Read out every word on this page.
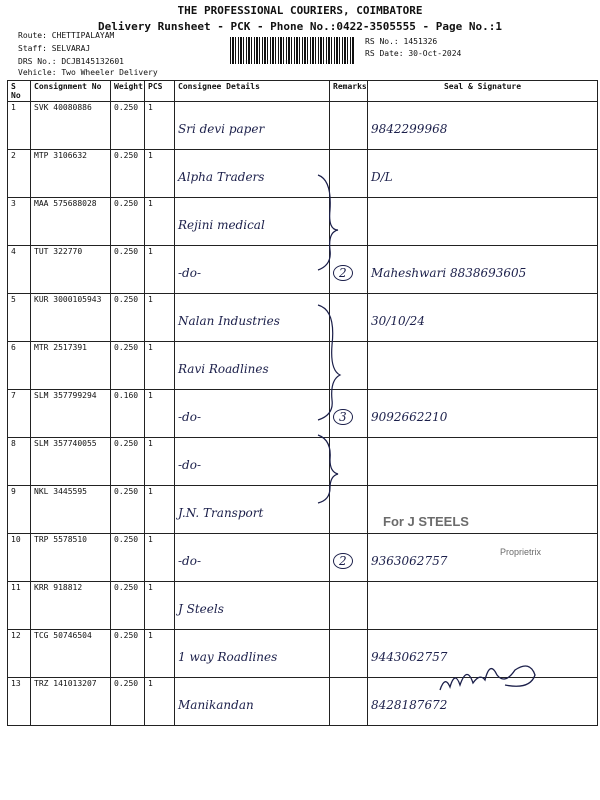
THE PROFESSIONAL COURIERS, COIMBATORE
Delivery Runsheet - PCK - Phone No.:0422-3505555 - Page No.:1
Route: CHETTIPALAYAM
Staff: SELVARAJ
DRS No.: DCJB145132601
Vehicle: Two Wheeler Delivery
RS No.: 1451326
RS Date: 30-Oct-2024
S No	Consignment No	Weight	PCS	Consignee Details	Remarks	Seal & Signature
1	SVK 40080886	0.250	1	Sri devi paper		9842299968
2	MTP 3106632	0.250	1	Alpha Traders		D/L
3	MAA 575688028	0.250	1	Rejini medical		
4	TUT 322770	0.250	1	-do-	2	Maheshwari 8838693605
5	KUR 3000105943	0.250	1	Nalan Industries		30/10/24
6	MTR 2517391	0.250	1	Ravi Roadlines		
7	SLM 357799294	0.160	1	-do-	3	9092662210
8	SLM 357740055	0.250	1	-do-		
9	NKL 3445595	0.250	1	J.N. Transport		
10	TRP 5578510	0.250	1	-do-	2	9363062757
11	KRR 918812	0.250	1	J Steels		
12	TCG 50746504	0.250	1	1 way Roadlines		9443062757
13	TRZ 141013207	0.250	1	Manikandan		8428187672
For J STEELS
Proprietrix
